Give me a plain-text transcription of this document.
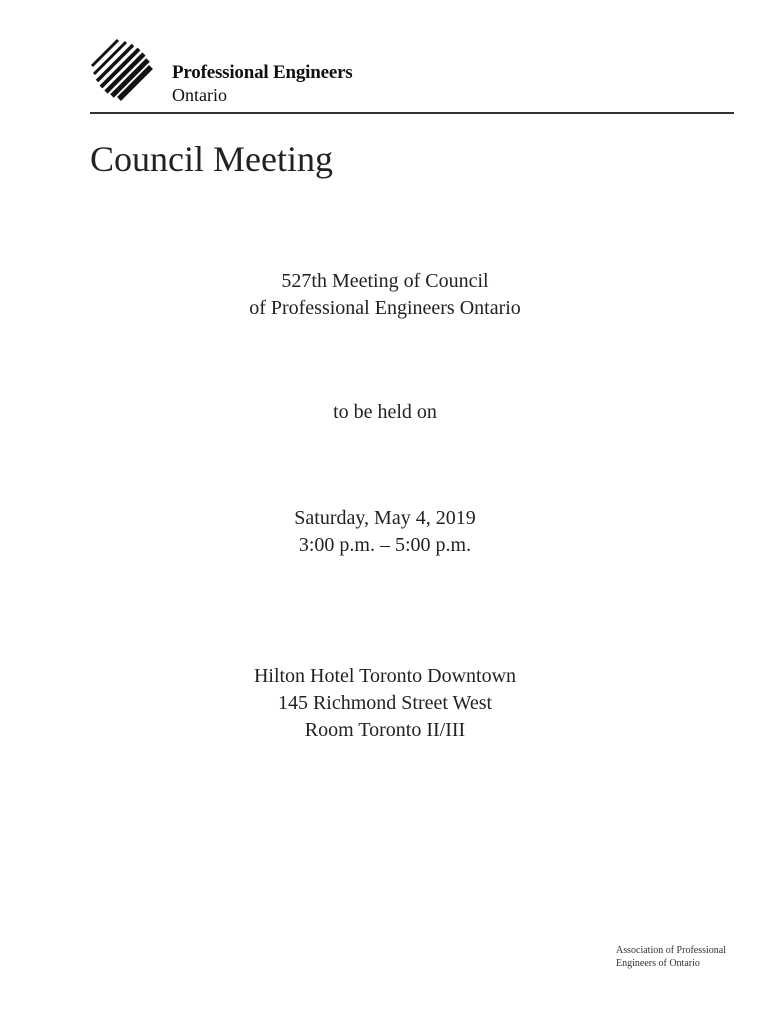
Professional Engineers
Ontario
Council Meeting
527th Meeting of Council
of Professional Engineers Ontario
to be held on
Saturday, May 4, 2019
3:00 p.m. – 5:00 p.m.
Hilton Hotel Toronto Downtown
145 Richmond Street West
Room Toronto II/III
Association of Professional
Engineers of Ontario
